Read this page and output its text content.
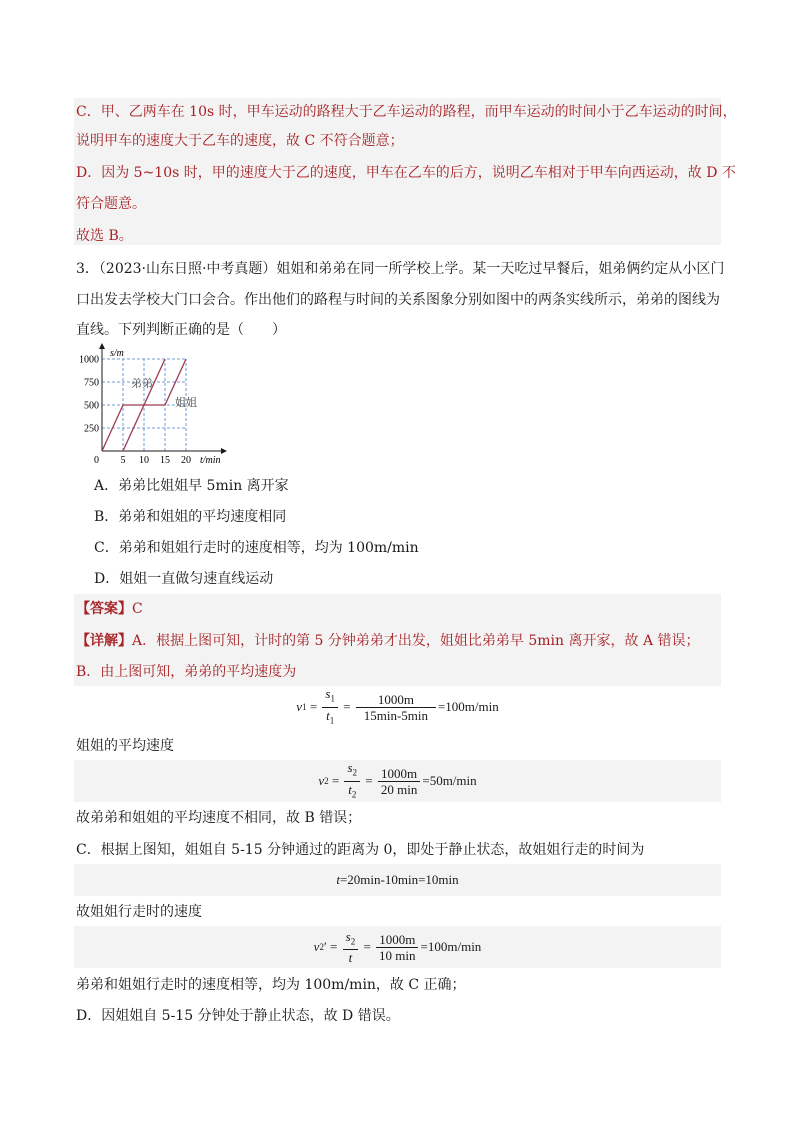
C．甲、乙两车在 10s 时，甲车运动的路程大于乙车运动的路程，而甲车运动的时间小于乙车运动的时间，
说明甲车的速度大于乙车的速度，故 C 不符合题意；
D．因为 5~10s 时，甲的速度大于乙的速度，甲车在乙车的后方，说明乙车相对于甲车向西运动，故 D 不
符合题意。
故选 B。
3．（2023·山东日照·中考真题）姐姐和弟弟在同一所学校上学。某一天吃过早餐后，姐弟俩约定从小区门
口出发去学校大门口会合。作出他们的路程与时间的关系图象分别如图中的两条实线所示，弟弟的图线为
直线。下列判断正确的是（　　）
5 10 15 20
250
500
750
1000
s/m
t/min
0
弟弟
姐姐
A．弟弟比姐姐早 5min 离开家
B．弟弟和姐姐的平均速度相同
C．弟弟和姐姐行走时的速度相等，均为 100m/min
D．姐姐一直做匀速直线运动
【答案】C
【详解】A．根据上图可知，计时的第 5 分钟弟弟才出发，姐姐比弟弟早 5min 离开家，故 A 错误；
B．由上图可知，弟弟的平均速度为
v $1 = \frac{s_1}{t_1} = \frac{1000m}{15\min-5\min} =100m/\min$
姐姐的平均速度
v $2 = \frac{s_2}{t_2} = \frac{1000m}{20 \min} =50m/\min$
故弟弟和姐姐的平均速度不相同，故 B 错误；
C．根据上图知，姐姐自 5-15 分钟通过的距离为 0，即处于静止状态，故姐姐行走的时间为
t =20min-10min=10min
故姐姐行走时的速度
v 2 ′ = $\frac{s_2}{t} = \frac{1000m}{10 \min} =100m/\min$
弟弟和姐姐行走时的速度相等，均为 100m/min，故 C 正确；
D．因姐姐自 5-15 分钟处于静止状态，故 D 错误。
